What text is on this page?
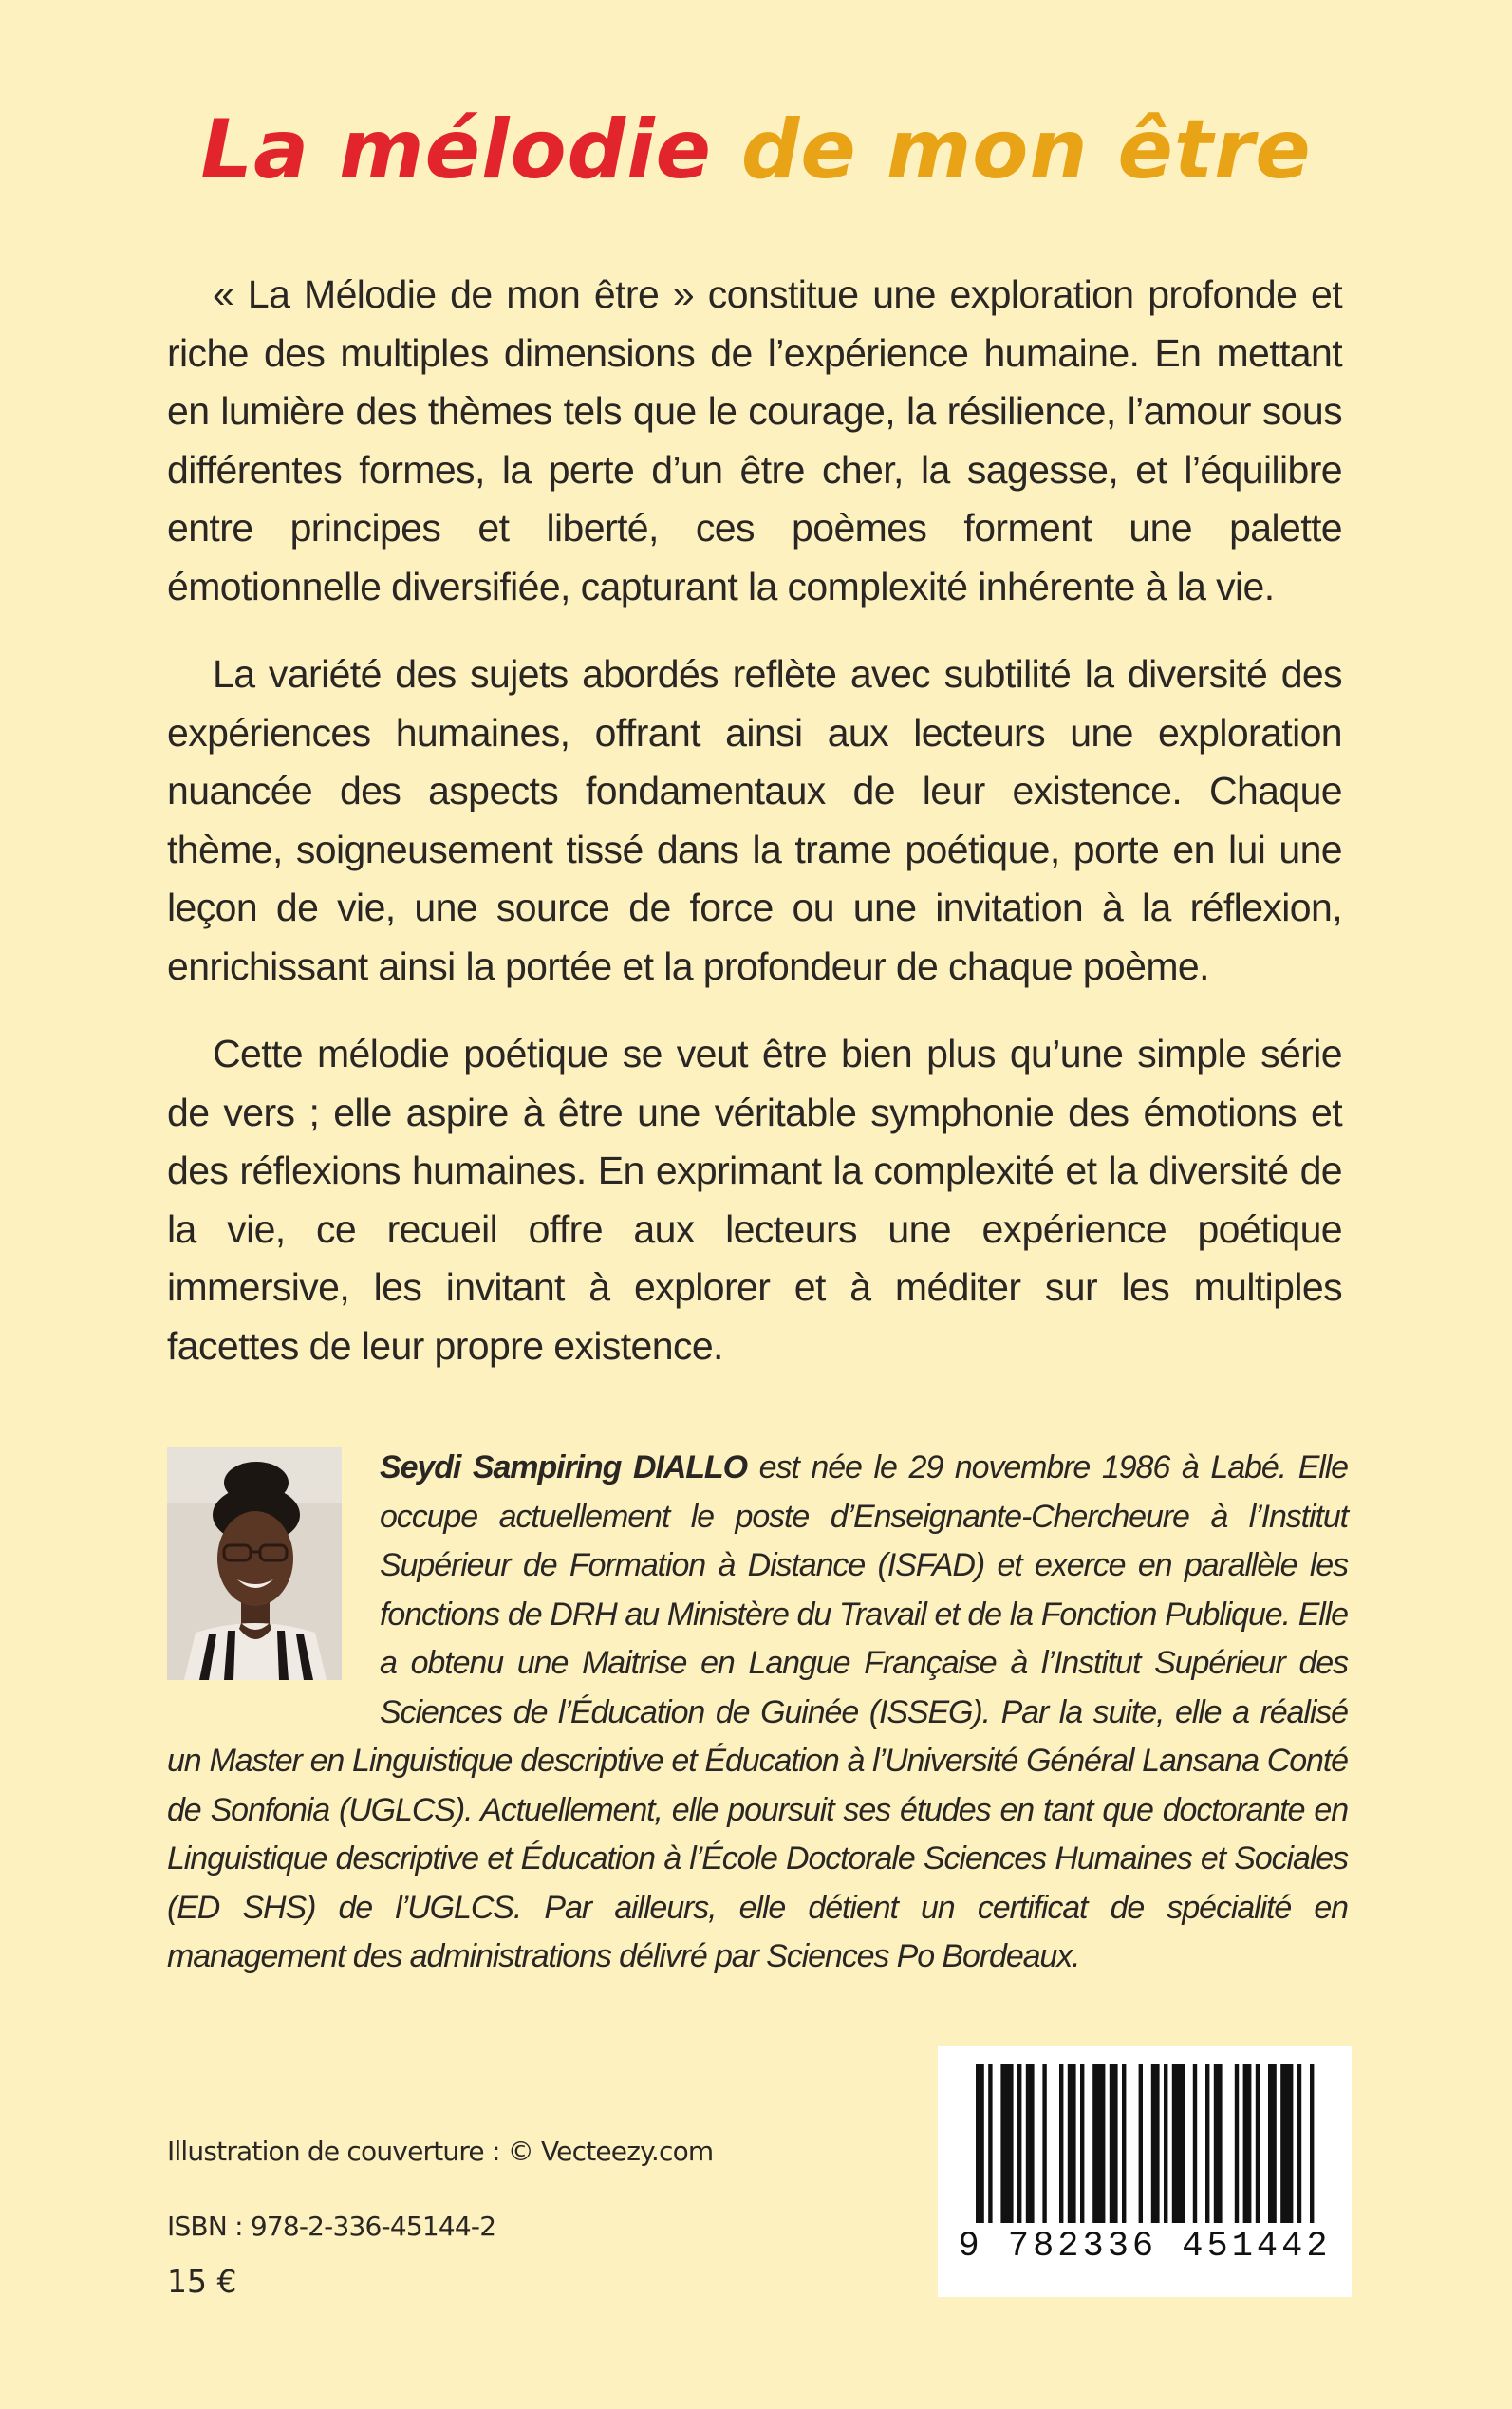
La mélodie de mon être

« La Mélodie de mon être » constitue une exploration profonde et riche des multiples dimensions de l’expérience humaine. En mettant en lumière des thèmes tels que le courage, la résilience, l’amour sous différentes formes, la perte d’un être cher, la sagesse, et l’équilibre entre principes et liberté, ces poèmes forment une palette émotionnelle diversifiée, capturant la complexité inhérente à la vie.

La variété des sujets abordés reflète avec subtilité la diversité des expériences humaines, offrant ainsi aux lecteurs une exploration nuancée des aspects fondamentaux de leur existence. Chaque thème, soigneusement tissé dans la trame poétique, porte en lui une leçon de vie, une source de force ou une invitation à la réflexion, enrichissant ainsi la portée et la profondeur de chaque poème.

Cette mélodie poétique se veut être bien plus qu’une simple série de vers ; elle aspire à être une véritable symphonie des émotions et des réflexions humaines. En exprimant la complexité et la diversité de la vie, ce recueil offre aux lecteurs une expérience poétique immersive, les invitant à explorer et à méditer sur les multiples facettes de leur propre existence.

Seydi Sampiring DIALLO est née le 29 novembre 1986 à Labé. Elle occupe actuellement le poste d’Enseignante-Chercheure à l’Institut Supérieur de Formation à Distance (ISFAD) et exerce en parallèle les fonctions de DRH au Ministère du Travail et de la Fonction Publique. Elle a obtenu une Maitrise en Langue Française à l’Institut Supérieur des Sciences de l’Éducation de Guinée (ISSEG). Par la suite, elle a réalisé un Master en Linguistique descriptive et Éducation à l’Université Général Lansana Conté de Sonfonia (UGLCS). Actuellement, elle poursuit ses études en tant que doctorante en Linguistique descriptive et Éducation à l’École Doctorale Sciences Humaines et Sociales (ED SHS) de l’UGLCS. Par ailleurs, elle détient un certificat de spécialité en management des administrations délivré par Sciences Po Bordeaux.
Illustration de couverture : © Vecteezy.com
ISBN : 978-2-336-45144-2
15 €
9 782336 451442
